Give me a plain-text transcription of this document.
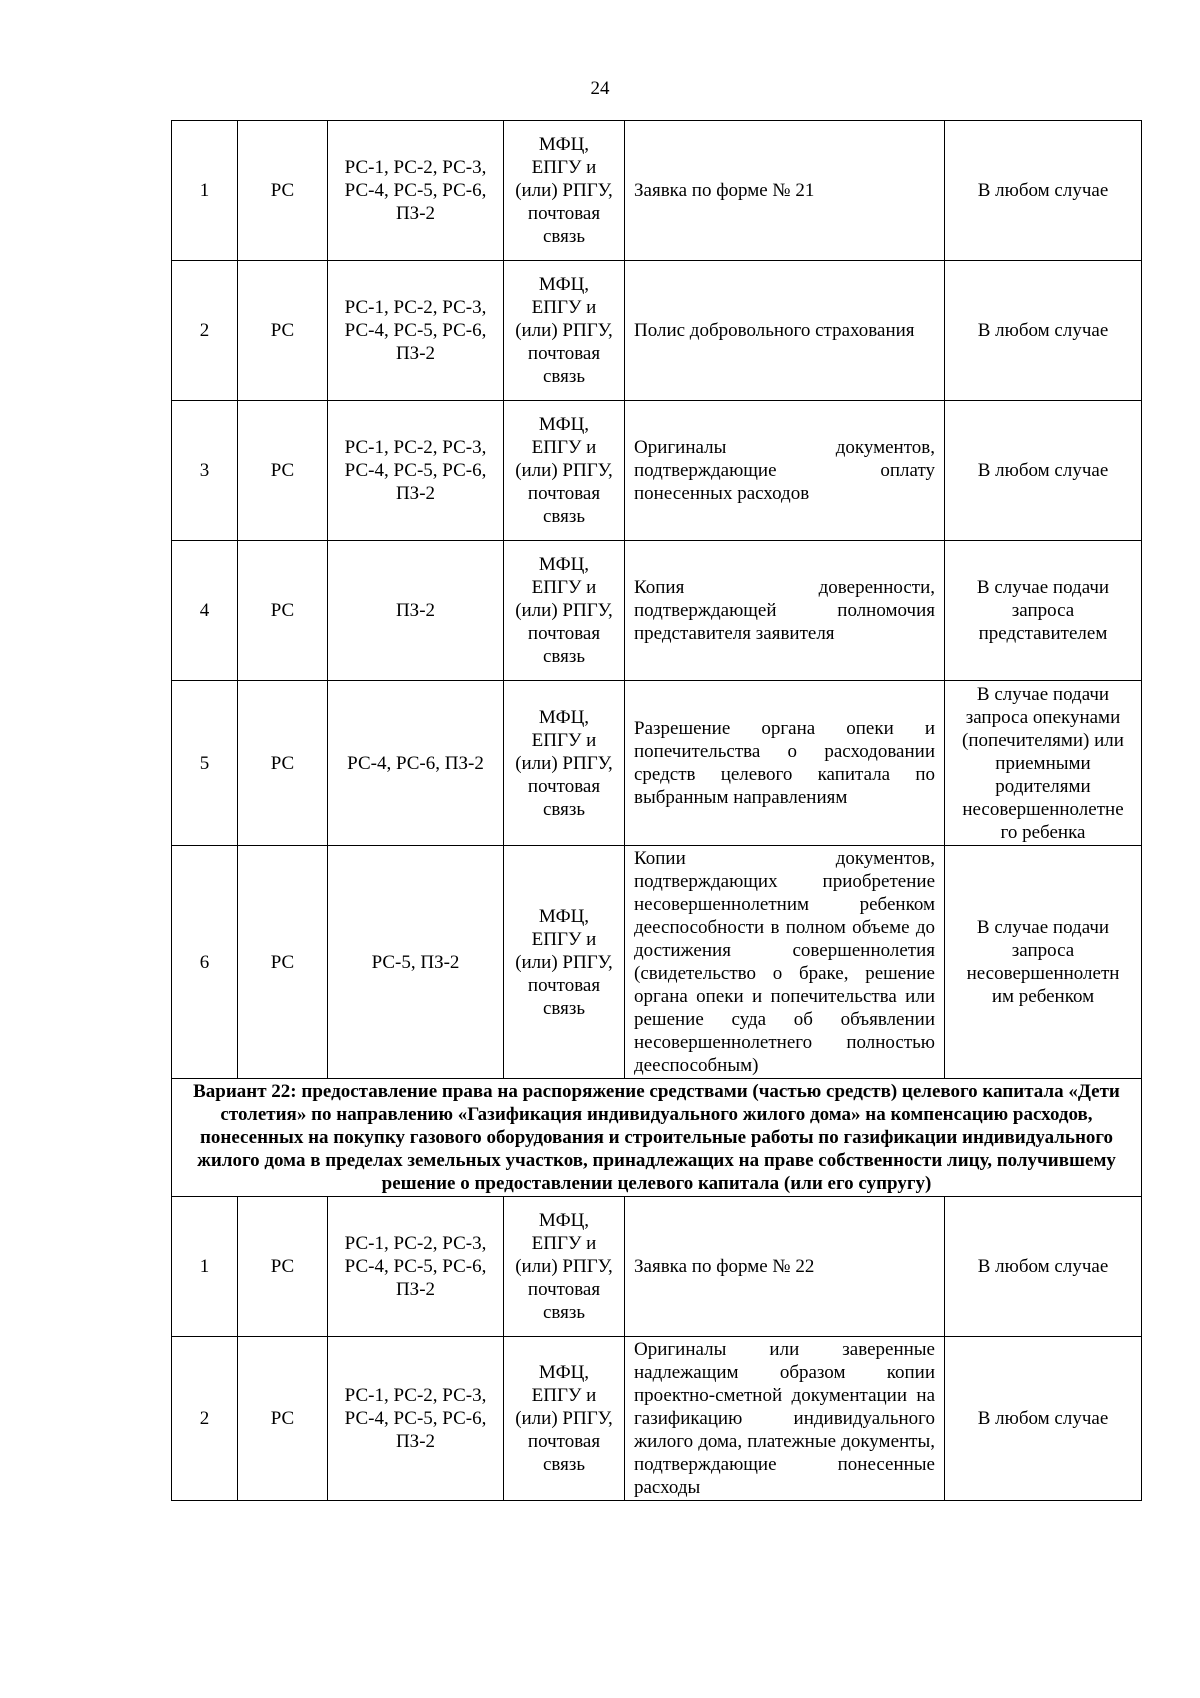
24
1	РС	РС-1, РС-2, РС-3, РС-4, РС-5, РС-6, ПЗ-2	МФЦ, ЕПГУ и (или) РПГУ, почтовая связь	Заявка по форме № 21	В любом случае
2	РС	РС-1, РС-2, РС-3, РС-4, РС-5, РС-6, ПЗ-2	МФЦ, ЕПГУ и (или) РПГУ, почтовая связь	Полис добровольного страхования	В любом случае
3	РС	РС-1, РС-2, РС-3, РС-4, РС-5, РС-6, ПЗ-2	МФЦ, ЕПГУ и (или) РПГУ, почтовая связь	Оригиналы документов, подтверждающие оплату понесенных расходов	В любом случае
4	РС	ПЗ-2	МФЦ, ЕПГУ и (или) РПГУ, почтовая связь	Копия доверенности, подтверждающей полномочия представителя заявителя	В случае подачи запроса представителем
5	РС	РС-4, РС-6, ПЗ-2	МФЦ, ЕПГУ и (или) РПГУ, почтовая связь	Разрешение органа опеки и попечительства о расходовании средств целевого капитала по выбранным направлениям	В случае подачи запроса опекунами (попечителями) или приемными родителями несовершеннолетне го ребенка
6	РС	РС-5, ПЗ-2	МФЦ, ЕПГУ и (или) РПГУ, почтовая связь	Копии документов, подтверждающих приобретение несовершеннолетним ребенком дееспособности в полном объеме до достижения совершеннолетия (свидетельство о браке, решение органа опеки и попечительства или решение суда об объявлении несовершеннолетнего полностью дееспособным)	В случае подачи запроса несовершеннолетн им ребенком
Вариант 22: предоставление права на распоряжение средствами (частью средств) целевого капитала «Дети столетия» по направлению «Газификация индивидуального жилого дома» на компенсацию расходов, понесенных на покупку газового оборудования и строительные работы по газификации индивидуального жилого дома в пределах земельных участков, принадлежащих на праве собственности лицу, получившему решение о предоставлении целевого капитала (или его супругу)					
1	РС	РС-1, РС-2, РС-3, РС-4, РС-5, РС-6, ПЗ-2	МФЦ, ЕПГУ и (или) РПГУ, почтовая связь	Заявка по форме № 22	В любом случае
2	РС	РС-1, РС-2, РС-3, РС-4, РС-5, РС-6, ПЗ-2	МФЦ, ЕПГУ и (или) РПГУ, почтовая связь	Оригиналы или заверенные надлежащим образом копии проектно-сметной документации на газификацию индивидуального жилого дома, платежные документы, подтверждающие понесенные расходы	В любом случае
